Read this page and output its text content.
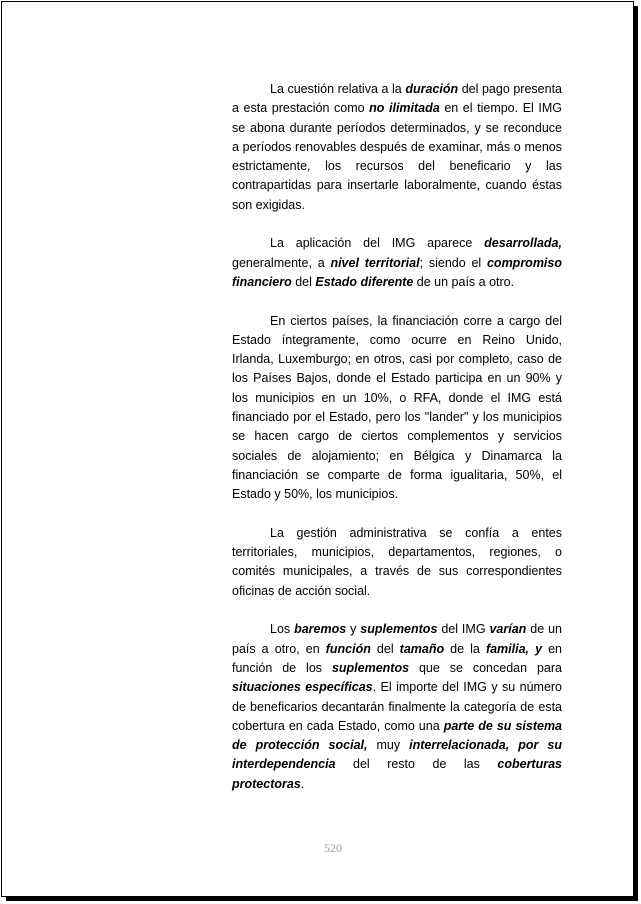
La cuestión relativa a la duración del pago presenta a esta prestación como no ilimitada en el tiempo. El IMG se abona durante períodos determinados, y se reconduce a períodos renovables después de examinar, más o menos estrictamente, los recursos del beneficario y las contrapartidas para insertarle laboralmente, cuando éstas son exigidas.

La aplicación del IMG aparece desarrollada, generalmente, a nivel territorial; siendo el compromiso financiero del Estado diferente de un país a otro.

En ciertos países, la financiación corre a cargo del Estado íntegramente, como ocurre en Reino Unido, Irlanda, Luxemburgo; en otros, casi por completo, caso de los Países Bajos, donde el Estado participa en un 90% y los municipios en un 10%, o RFA, donde el IMG está financiado por el Estado, pero los "lander" y los municipios se hacen cargo de ciertos complementos y servicios sociales de alojamiento; en Bélgica y Dinamarca la financiación se comparte de forma igualitaria, 50%, el Estado y 50%, los municipios.

La gestión administrativa se confía a entes territoriales, municipios, departamentos, regiones, o comités municipales, a través de sus correspondientes oficinas de acción social.

Los baremos y suplementos del IMG varían de un país a otro, en función del tamaño de la familia, y en función de los suplementos que se concedan para situaciones específicas. El importe del IMG y su número de beneficarios decantarán finalmente la categoría de esta cobertura en cada Estado, como una parte de su sistema de protección social, muy interrelacionada, por su interdependencia del resto de las coberturas protectoras.

520
